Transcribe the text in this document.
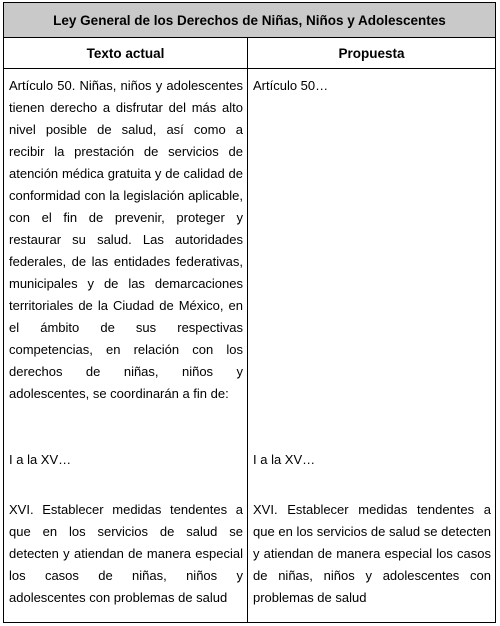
Ley General de los Derechos de Niñas, Niños y Adolescentes
Texto actual	Propuesta

Artículo 50. Niñas, niños y adolescentes tienen derecho a disfrutar del más alto nivel posible de salud, así como a recibir la prestación de servicios de atención médica gratuita y de calidad de conformidad con la legislación aplicable, con el fin de prevenir, proteger y restaurar su salud. Las autoridades federales, de las entidades federativas, municipales y de las demarcaciones territoriales de la Ciudad de México, en el ámbito de sus respectivas competencias, en relación con los derechos de niñas, niños y adolescentes, se coordinarán a fin de:

I a la XV…

XVI. Establecer medidas tendentes a que en los servicios de salud se detecten y atiendan de manera especial los casos de niñas, niños y adolescentes con problemas de salud

Artículo 50…

I a la XV…

XVI. Establecer medidas tendentes a que en los servicios de salud se detecten y atiendan de manera especial los casos de niñas, niños y adolescentes con problemas de salud
